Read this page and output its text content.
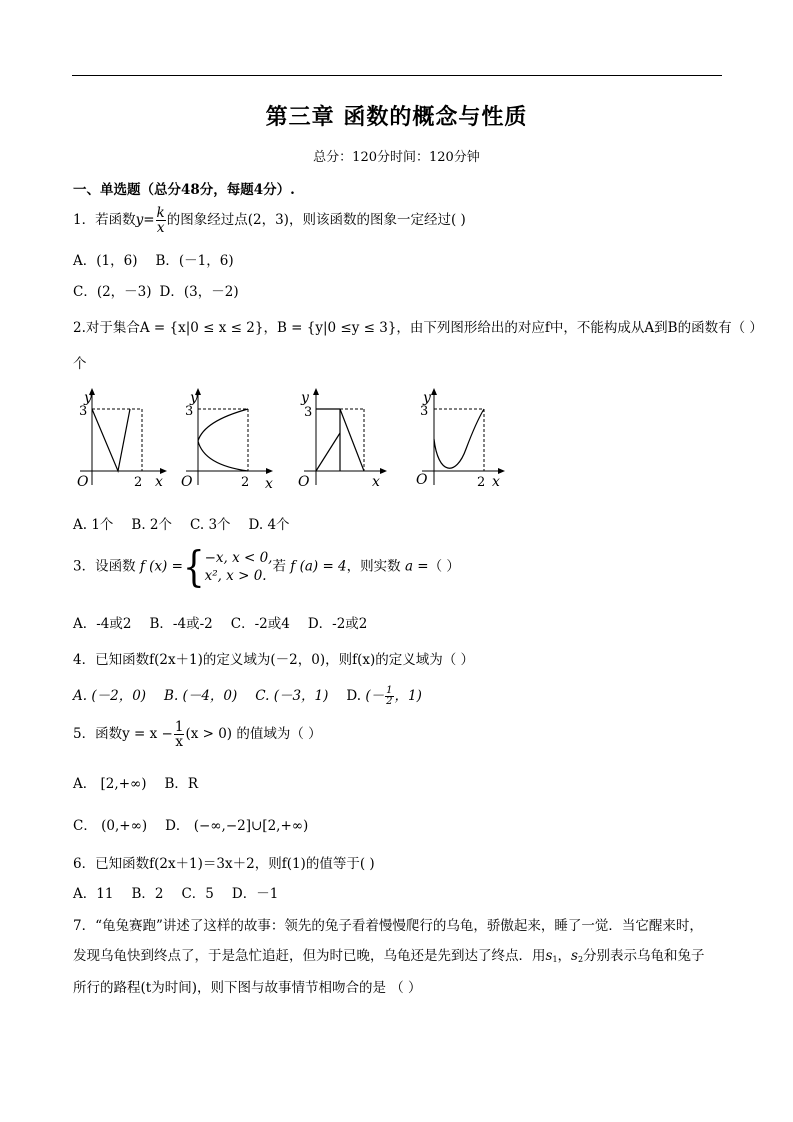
第三章 函数的概念与性质
总分：120分时间：120分钟
一、单选题（总分48分，每题4分）.
1．若函数$y= \frac{k}{x}$ 的图象经过点(2，3)，则该函数的图象一定经过( )
A．(1，6) B．(－1，6)
C．(2，－3) D．(3，－2)
2.对于集合A = {x|0 ≤ x ≤ 2}，B = {y|0 ≤y ≤ 3}，由下列图形给出的对应f中，不能构成从A到B的函数有（ ）
个
y
3
O	2 x
y
3
O	2 x
y
3
O	x
y
3
O	2 x
A. 1个 B. 2个 C. 3个 D. 4个
3．设函数 f (x) ={ −x, x < 0,
x², x > 0.
若 f (a) = 4，则实数 a =（ ）
A．-4或2 B．-4或-2 C．-2或4 D．-2或2
4．已知函数f(2x＋1)的定义域为(－2，0)，则f(x)的定义域为（ ）
A. (－2，0) B. (－4，0) C. (－3，1) D. (－ $\frac{1}{2}$ ，1)
5．函数$y = x - \frac{1}{x} (x > 0)$ 的值域为（ ）
A． [2,+∞) B．R
C． (0,+∞) D． (−∞,−2]∪[2,+∞)
6．已知函数f(2x＋1)＝3x＋2，则f(1)的值等于( )
A．11 B．2 C．5 D．－1
7．“龟兔赛跑”讲述了这样的故事：领先的兔子看着慢慢爬行的乌龟，骄傲起来，睡了一觉．当它醒来时，
发现乌龟快到终点了，于是急忙追赶，但为时已晚，乌龟还是先到达了终点．用$s_1$，$s_2$分别表示乌龟和兔子
所行的路程(t为时间)，则下图与故事情节相吻合的是 （ ）
